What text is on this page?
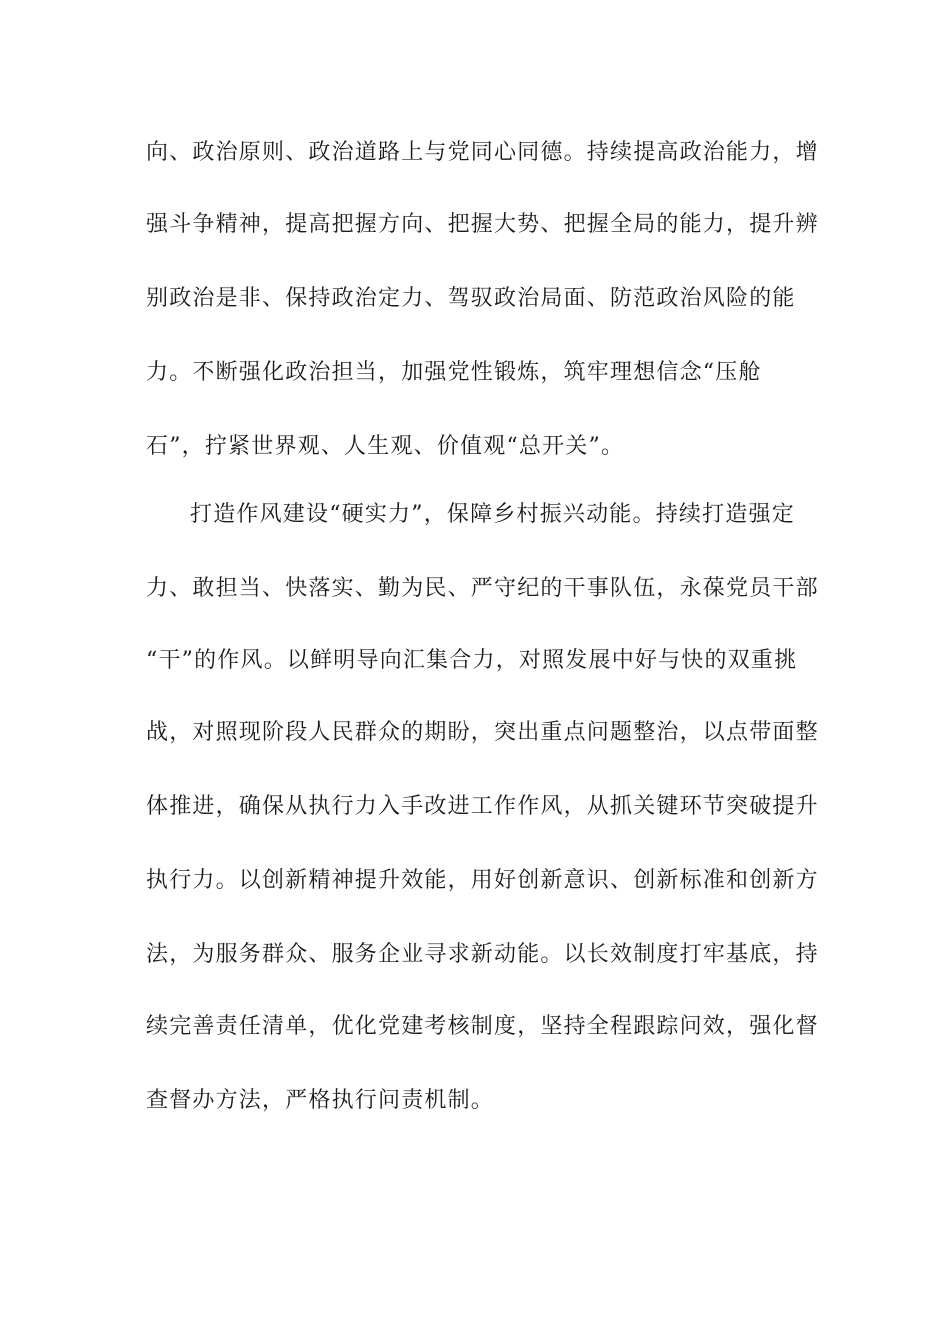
向、政治原则、政治道路上与党同心同德。持续提高政治能力，增
强斗争精神，提高把握方向、把握大势、把握全局的能力，提升辨
别政治是非、保持政治定力、驾驭政治局面、防范政治风险的能
力。不断强化政治担当，加强党性锻炼，筑牢理想信念“压舱
石”，拧紧世界观、人生观、价值观“总开关”。
打造作风建设“硬实力”，保障乡村振兴动能。持续打造强定
力、敢担当、快落实、勤为民、严守纪的干事队伍，永葆党员干部
“干”的作风。以鲜明导向汇集合力，对照发展中好与快的双重挑
战，对照现阶段人民群众的期盼，突出重点问题整治，以点带面整
体推进，确保从执行力入手改进工作作风，从抓关键环节突破提升
执行力。以创新精神提升效能，用好创新意识、创新标准和创新方
法，为服务群众、服务企业寻求新动能。以长效制度打牢基底，持
续完善责任清单，优化党建考核制度，坚持全程跟踪问效，强化督
查督办方法，严格执行问责机制。
